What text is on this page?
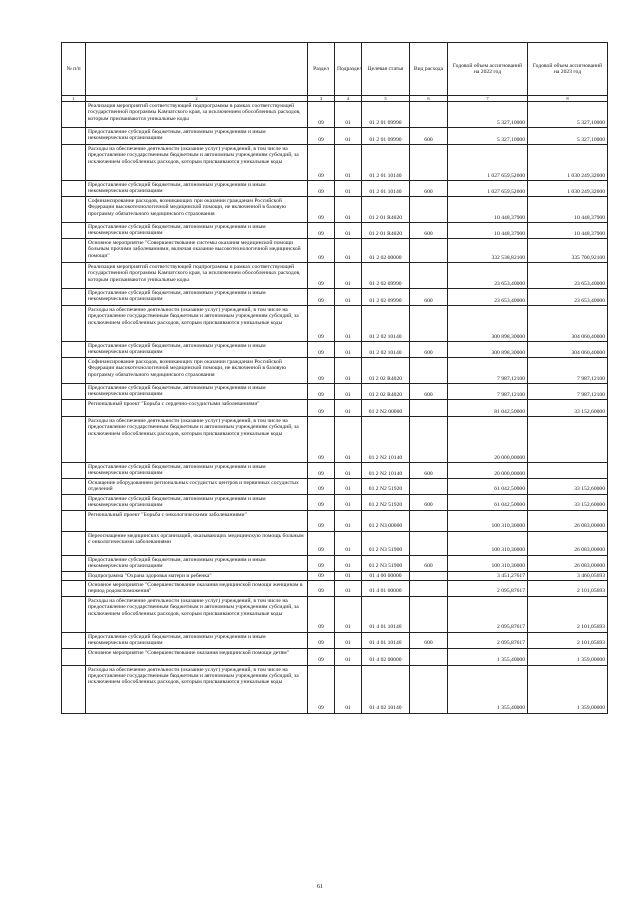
№ п/п		Раздел	Подраздел	Целевая статья	Вид расхода	Годовой объем ассигнований на 2022 год	Годовой объем ассигнований на 2023 год
1	2	3	4	5	6	7	8
	Реализация мероприятий соответствующей подпрограммы в рамках соответствующей государственной программы Камчатского края, за исключением обособленных расходов, которым присваиваются уникальные коды	09	01	01 2 01 09990		5 327,10000	5 327,10000
	Предоставление субсидий бюджетным, автономным учреждениям и иным некоммерческим организациям	09	01	01 2 01 09990	600	5 327,10000	5 327,10000
	Расходы на обеспечение деятельности (оказание услуг) учреждений, в том числе на предоставление государственным бюджетным и автономным учреждениям субсидий, за исключением обособленных расходов, которым присваиваются уникальные коды	09	01	01 2 01 10140		1 027 659,52600	1 030 249,32600
	Предоставление субсидий бюджетным, автономным учреждениям и иным некоммерческим организациям	09	01	01 2 01 10140	600	1 027 659,52600	1 030 249,32600
	Софинансирование расходов, возникающих при оказании гражданам Российской Федерации высокотехнологичной медицинской помощи, не включенной в базовую программу обязательного медицинского страхования	09	01	01 2 01 R4020		10 448,37900	10 448,37900
	Предоставление субсидий бюджетным, автономным учреждениям и иным некоммерческим организациям	09	01	01 2 01 R4020	600	10 448,37900	10 448,37900
	Основное мероприятие "Совершенствование системы оказания медицинской помощи больным прочими заболеваниями, включая оказание высокотехнологичной медицинской помощи"	09	01	01 2 02 00000		332 538,82100	335 700,92100
	Реализация мероприятий соответствующей подпрограммы в рамках соответствующей государственной программы Камчатского края, за исключением обособленных расходов, которым присваиваются уникальные коды	09	01	01 2 02 09990		23 653,40000	23 653,40000
	Предоставление субсидий бюджетным, автономным учреждениям и иным некоммерческим организациям	09	01	01 2 02 09990	600	23 653,40000	23 653,40000
	Расходы на обеспечение деятельности (оказание услуг) учреждений, в том числе на предоставление государственным бюджетным и автономным учреждениям субсидий, за исключением обособленных расходов, которым присваиваются уникальные коды	09	01	01 2 02 10140		300 898,30000	304 060,40000
	Предоставление субсидий бюджетным, автономным учреждениям и иным некоммерческим организациям	09	01	01 2 02 10140	600	300 898,30000	304 060,40000
	Софинансирование расходов, возникающих при оказании гражданам Российской Федерации высокотехнологичной медицинской помощи, не включенной в базовую программу обязательного медицинского страхования	09	01	01 2 02 R4020		7 987,12100	7 987,12100
	Предоставление субсидий бюджетным, автономным учреждениям и иным некоммерческим организациям	09	01	01 2 02 R4020	600	7 987,12100	7 987,12100
	Региональный проект "Борьба с сердечно-сосудистыми заболеваниями"	09	01	01 2 N2 00000		81 042,50000	33 152,60000
	Расходы на обеспечение деятельности (оказание услуг) учреждений, в том числе на предоставление государственным бюджетным и автономным учреждениям субсидий, за исключением обособленных расходов, которым присваиваются уникальные коды	09	01	01 2 N2 10140		20 000,00000	
	Предоставление субсидий бюджетным, автономным учреждениям и иным некоммерческим организациям	09	01	01 2 N2 10140	600	20 000,00000	
	Оснащение оборудованием региональных сосудистых центров и первичных сосудистых отделений	09	01	01 2 N2 51920		61 042,50000	33 152,60000
	Предоставление субсидий бюджетным, автономным учреждениям и иным некоммерческим организациям	09	01	01 2 N2 51920	600	61 042,50000	33 152,60000
	Региональный проект "Борьба с онкологическими заболеваниями"	09	01	01 2 N3 00000		100 310,30000	26 083,00000
	Переоснащение медицинских организаций, оказывающих медицинскую помощь больным с онкологическими заболеваниями	09	01	01 2 N3 51900		100 310,30000	26 083,00000
	Предоставление субсидий бюджетным, автономным учреждениям и иным некоммерческим организациям	09	01	01 2 N3 51900	600	100 310,30000	26 083,00000
	Подпрограмма "Охрана здоровья матери и ребенка"	09	01	01 4 00 00000		3 451,27617	3 460,05693
	Основное мероприятие "Совершенствование оказания медицинской помощи женщинам в период родовспоможения"	09	01	01 4 01 00000		2 095,87617	2 101,05693
	Расходы на обеспечение деятельности (оказание услуг) учреждений, в том числе на предоставление государственным бюджетным и автономным учреждениям субсидий, за исключением обособленных расходов, которым присваиваются уникальные коды	09	01	01 4 01 10140		2 095,87617	2 101,05693
	Предоставление субсидий бюджетным, автономным учреждениям и иным некоммерческим организациям	09	01	01 4 01 10140	600	2 095,87617	2 101,05693
	Основное мероприятие "Совершенствование оказания медицинской помощи детям"	09	01	01 4 02 00000		1 355,40000	1 359,00000
	Расходы на обеспечение деятельности (оказание услуг) учреждений, в том числе на предоставление государственным бюджетным и автономным учреждениям субсидий, за исключением обособленных расходов, которым присваиваются уникальные коды	09	01	01 4 02 10140		1 355,40000	1 359,00000
61
